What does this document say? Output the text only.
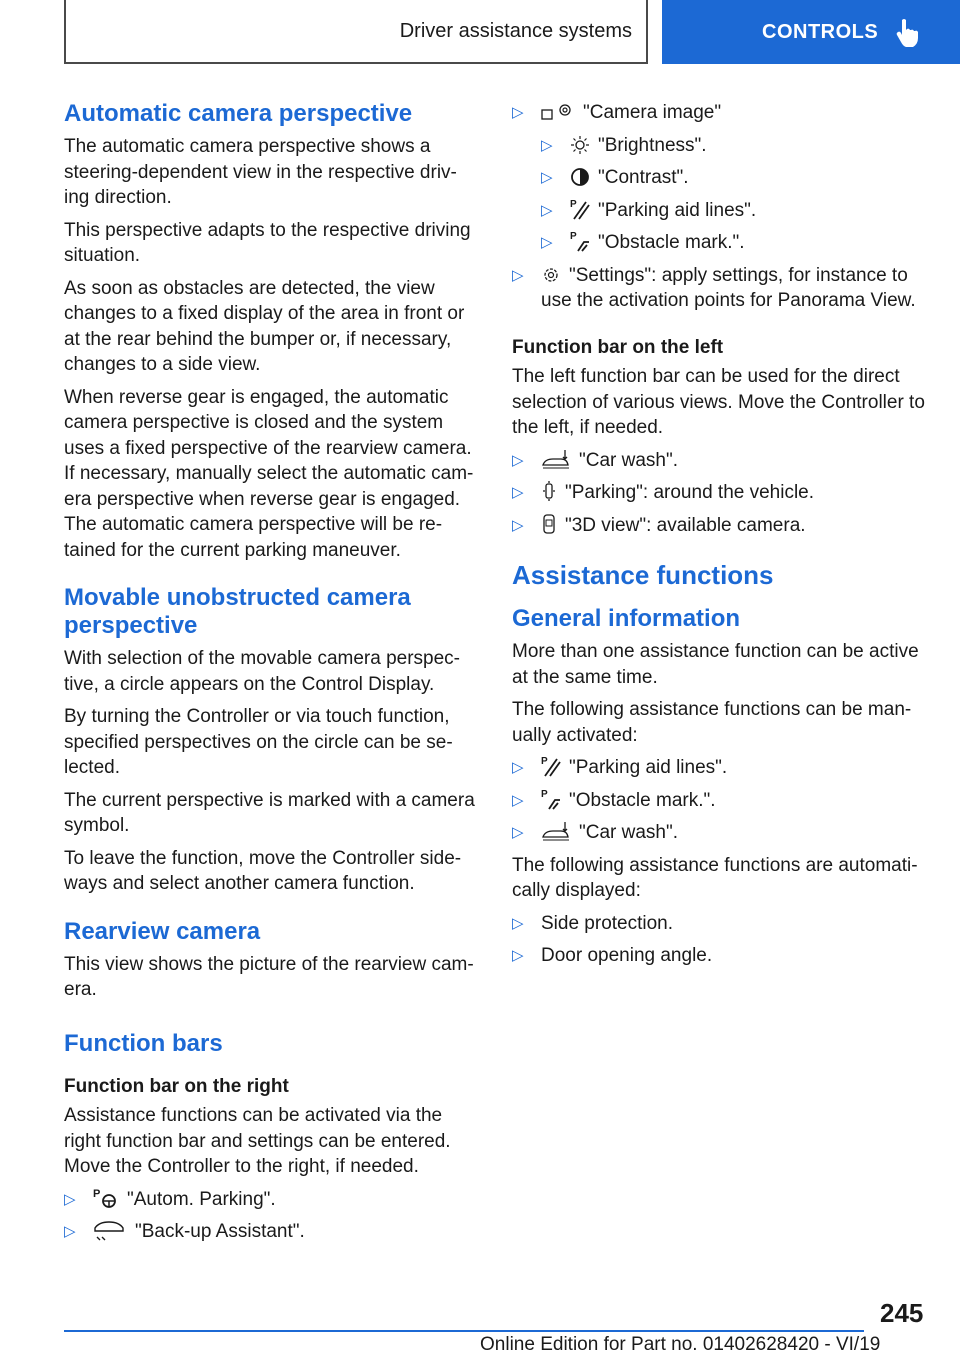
Driver assistance systems	CONTROLS
Automatic camera perspective

The automatic camera perspective shows a steering-dependent view in the respective driv‐ ing direction.

This perspective adapts to the respective driving situation.

As soon as obstacles are detected, the view changes to a fixed display of the area in front or at the rear behind the bumper or, if necessary, changes to a side view.

When reverse gear is engaged, the automatic camera perspective is closed and the system uses a fixed perspective of the rearview camera. If necessary, manually select the automatic cam‐ era perspective when reverse gear is engaged. The automatic camera perspective will be re‐ tained for the current parking maneuver.

Movable unobstructed camera perspective

With selection of the movable camera perspec‐ tive, a circle appears on the Control Display.

By turning the Controller or via touch function, specified perspectives on the circle can be se‐ lected.

The current perspective is marked with a camera symbol.

To leave the function, move the Controller side‐ ways and select another camera function.

Rearview camera

This view shows the picture of the rearview cam‐ era.

Function bars

Function bar on the right

Assistance functions can be activated via the right function bar and settings can be entered. Move the Controller to the right, if needed.

▷ P "Autom. Parking".
▷	"Back-up Assistant".
▷	"Camera image"
▷ "Brightness".
▷ "Contrast".
▷ P "Parking aid lines".
▷ P "Obstacle mark.".
▷ "Settings": apply settings, for instance to use the activation points for Panorama View.

Function bar on the left

The left function bar can be used for the direct selection of various views. Move the Controller to the left, if needed.

▷	"Car wash".
▷ "Parking": around the vehicle.
▷ "3D view": available camera.
Assistance functions
General information

More than one assistance function can be active at the same time.

The following assistance functions can be man‐ ually activated:

▷ P "Parking aid lines".
▷ P "Obstacle mark.".
▷	"Car wash".

The following assistance functions are automati‐ cally displayed:

▷ Side protection.
▷ Door opening angle.
245
Online Edition for Part no. 01402628420 - VI/19
